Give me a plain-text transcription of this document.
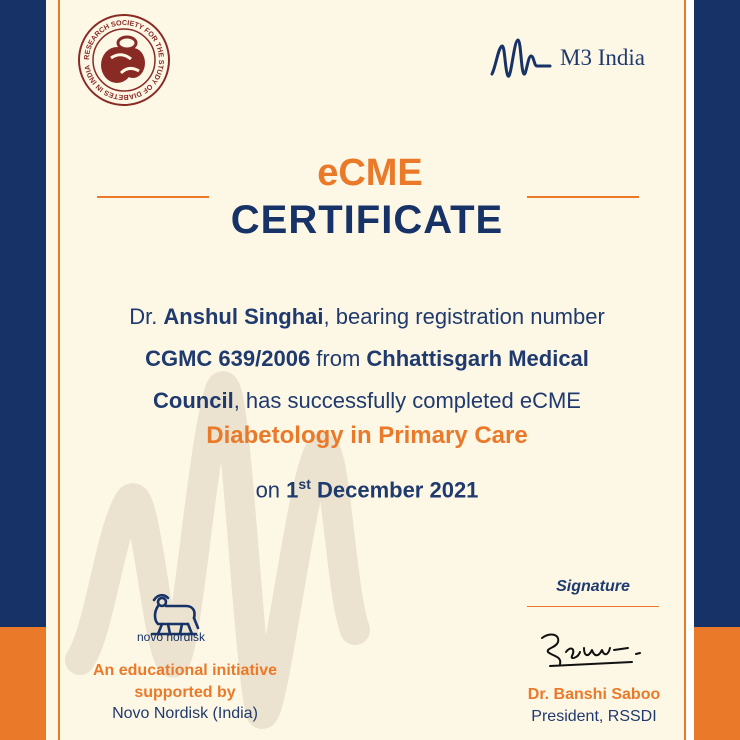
RESEARCH SOCIETY FOR THE STUDY OF DIABETES IN INDIA	M3 India
eCME
CERTIFICATE
Dr. Anshul Singhai, bearing registration number
CGMC 639/2006 from Chhattisgarh Medical
Council, has successfully completed eCME
Diabetology in Primary Care
on 1st December 2021
novo nordisk
An educational initiative
supported by
Novo Nordisk (India)
Signature
Dr. Banshi Saboo
President, RSSDI
